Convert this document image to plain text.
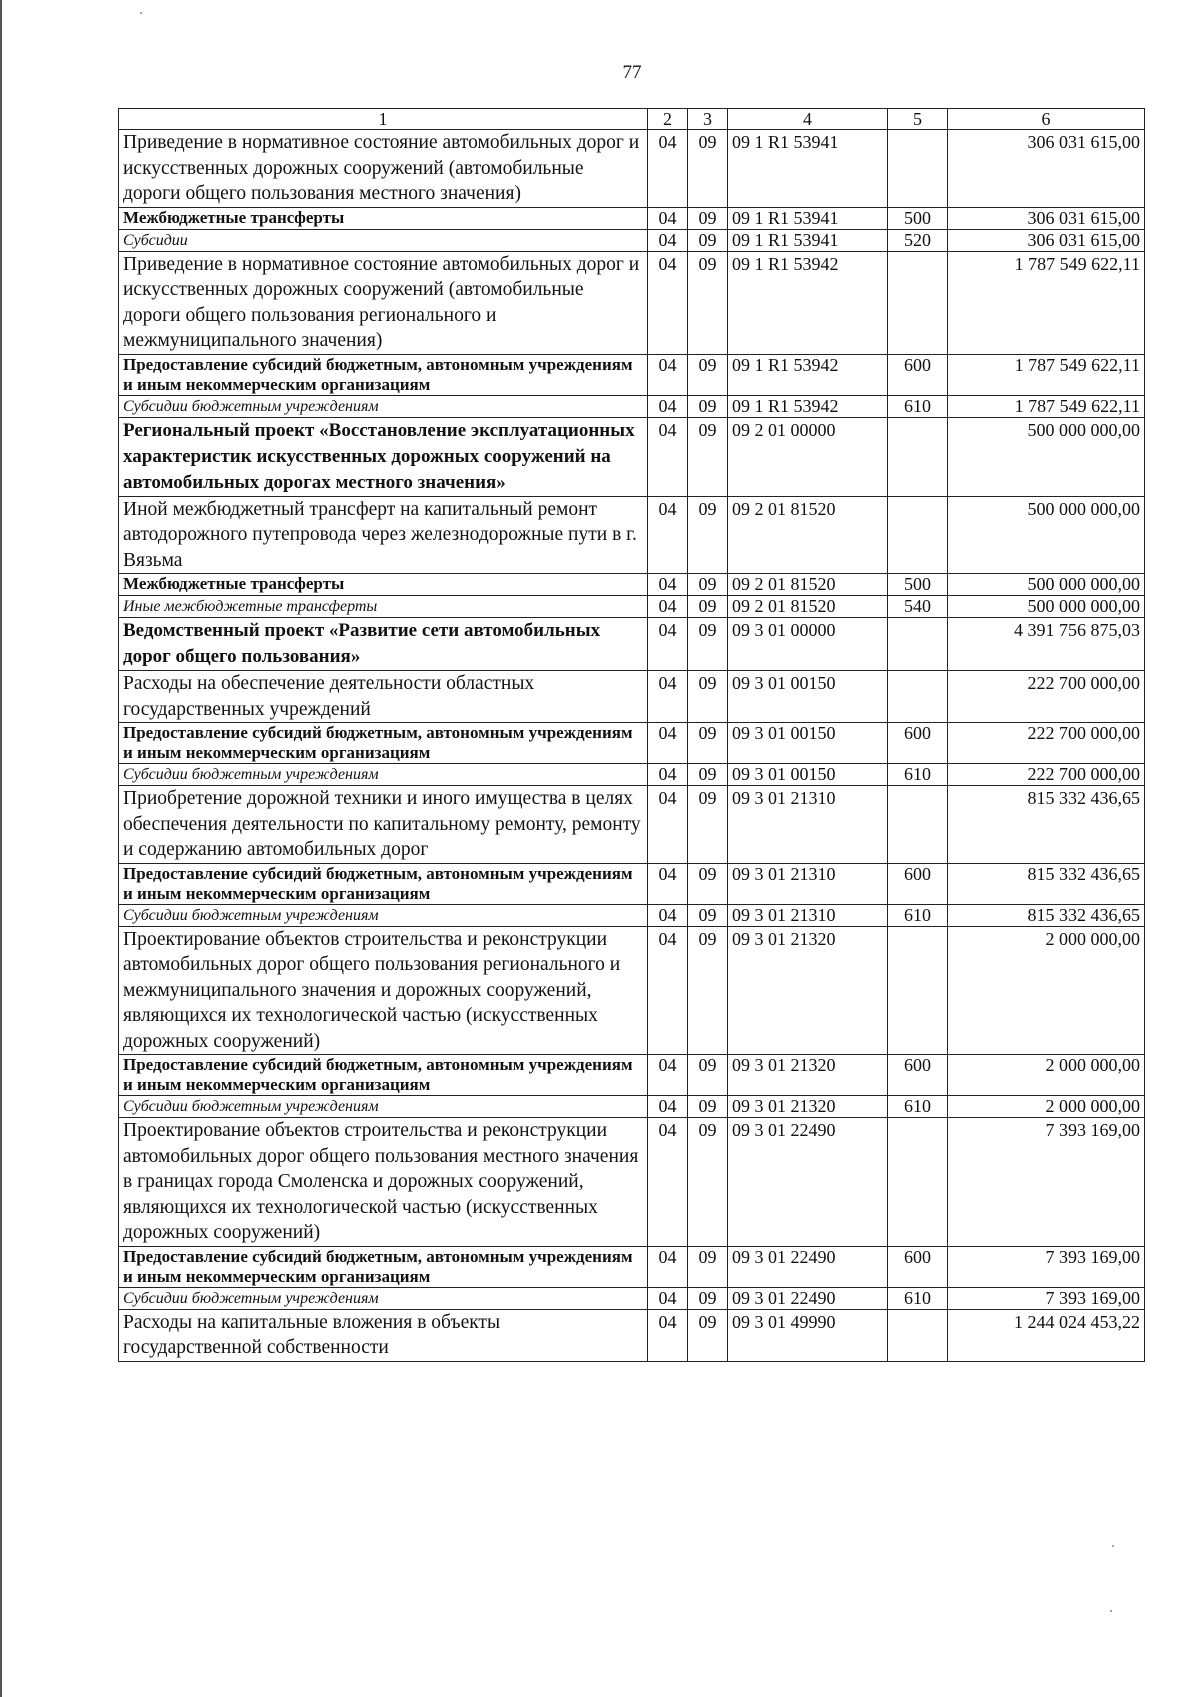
77
1	2	3	4	5	6
Приведение в нормативное состояние автомобильных дорог и искусственных дорожных сооружений (автомобильные дороги общего пользования местного значения)	04	09	09 1 R1 53941		306 031 615,00
Межбюджетные трансферты	04	09	09 1 R1 53941	500	306 031 615,00
Субсидии	04	09	09 1 R1 53941	520	306 031 615,00
Приведение в нормативное состояние автомобильных дорог и искусственных дорожных сооружений (автомобильные дороги общего пользования регионального и межмуниципального значения)	04	09	09 1 R1 53942		1 787 549 622,11
Предоставление субсидий бюджетным, автономным учреждениям и иным некоммерческим организациям	04	09	09 1 R1 53942	600	1 787 549 622,11
Субсидии бюджетным учреждениям	04	09	09 1 R1 53942	610	1 787 549 622,11
Региональный проект «Восстановление эксплуатационных характеристик искусственных дорожных сооружений на автомобильных дорогах местного значения»	04	09	09 2 01 00000		500 000 000,00
Иной межбюджетный трансферт на капитальный ремонт автодорожного путепровода через железнодорожные пути в г. Вязьма	04	09	09 2 01 81520		500 000 000,00
Межбюджетные трансферты	04	09	09 2 01 81520	500	500 000 000,00
Иные межбюджетные трансферты	04	09	09 2 01 81520	540	500 000 000,00
Ведомственный проект «Развитие сети автомобильных дорог общего пользования»	04	09	09 3 01 00000		4 391 756 875,03
Расходы на обеспечение деятельности областных государственных учреждений	04	09	09 3 01 00150		222 700 000,00
Предоставление субсидий бюджетным, автономным учреждениям и иным некоммерческим организациям	04	09	09 3 01 00150	600	222 700 000,00
Субсидии бюджетным учреждениям	04	09	09 3 01 00150	610	222 700 000,00
Приобретение дорожной техники и иного имущества в целях обеспечения деятельности по капитальному ремонту, ремонту и содержанию автомобильных дорог	04	09	09 3 01 21310		815 332 436,65
Предоставление субсидий бюджетным, автономным учреждениям и иным некоммерческим организациям	04	09	09 3 01 21310	600	815 332 436,65
Субсидии бюджетным учреждениям	04	09	09 3 01 21310	610	815 332 436,65
Проектирование объектов строительства и реконструкции автомобильных дорог общего пользования регионального и межмуниципального значения и дорожных сооружений, являющихся их технологической частью (искусственных дорожных сооружений)	04	09	09 3 01 21320		2 000 000,00
Предоставление субсидий бюджетным, автономным учреждениям и иным некоммерческим организациям	04	09	09 3 01 21320	600	2 000 000,00
Субсидии бюджетным учреждениям	04	09	09 3 01 21320	610	2 000 000,00
Проектирование объектов строительства и реконструкции автомобильных дорог общего пользования местного значения в границах города Смоленска и дорожных сооружений, являющихся их технологической частью (искусственных дорожных сооружений)	04	09	09 3 01 22490		7 393 169,00
Предоставление субсидий бюджетным, автономным учреждениям и иным некоммерческим организациям	04	09	09 3 01 22490	600	7 393 169,00
Субсидии бюджетным учреждениям	04	09	09 3 01 22490	610	7 393 169,00
Расходы на капитальные вложения в объекты государственной собственности	04	09	09 3 01 49990		1 244 024 453,22
